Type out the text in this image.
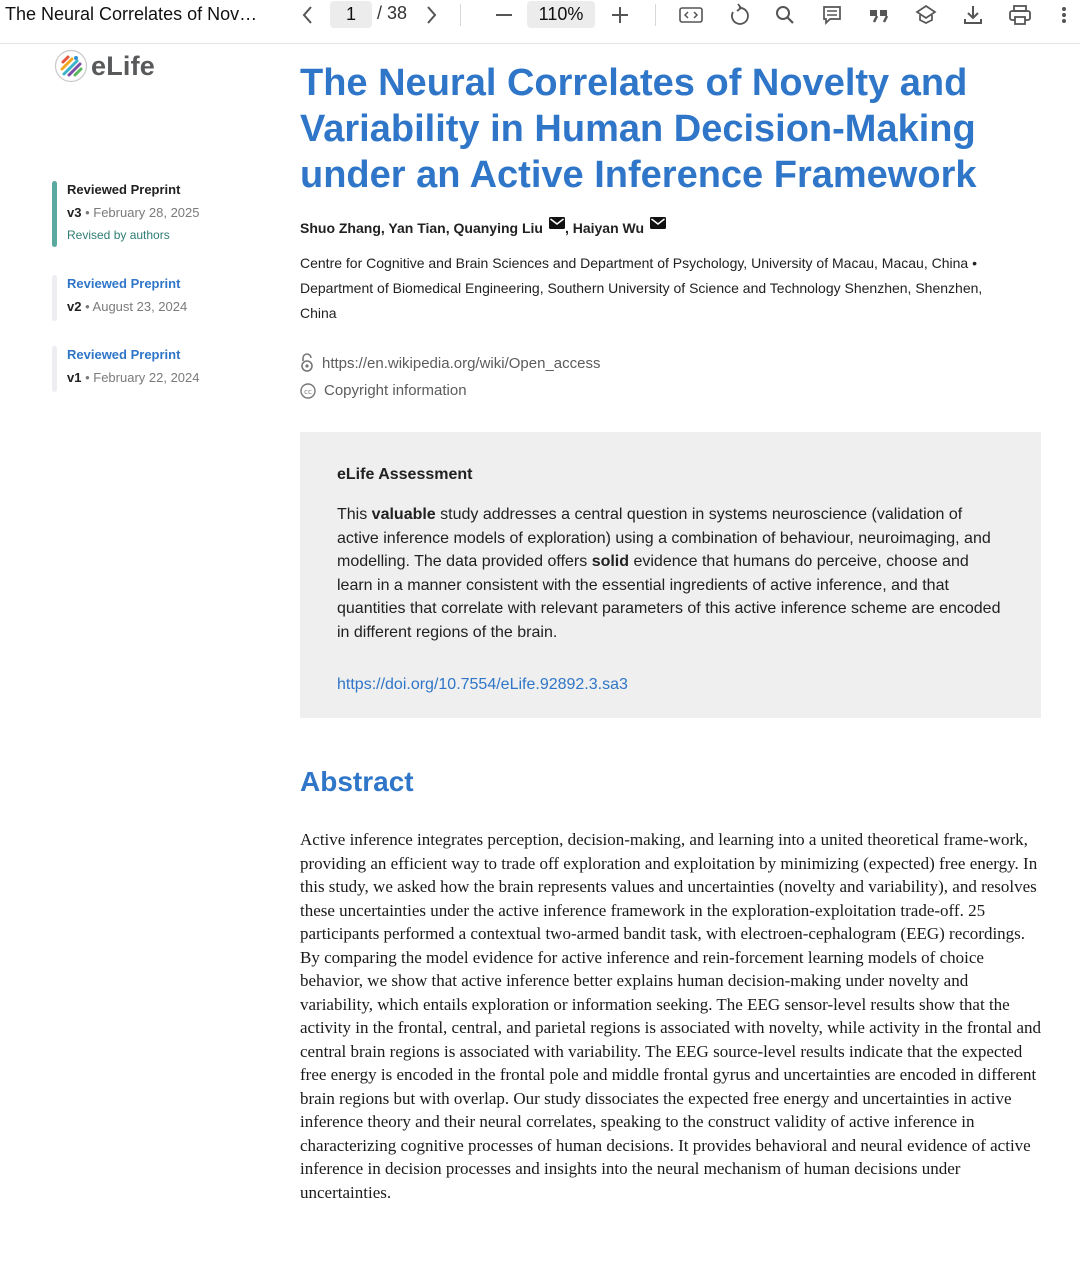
The Neural Correlates of Nov…	1	/ 38	110%
eLife
Reviewed Preprint
v3 • February 28, 2025
Revised by authors
Reviewed Preprint
v2 • August 23, 2024
Reviewed Preprint
v1 • February 22, 2024
The Neural Correlates of Novelty and Variability in Human Decision-Making under an Active Inference Framework
Shuo Zhang, Yan Tian, Quanying Liu , Haiyan Wu

Centre for Cognitive and Brain Sciences and Department of Psychology, University of Macau, Macau, China • Department of Biomedical Engineering, Southern University of Science and Technology Shenzhen, Shenzhen, China

https://en.wikipedia.org/wiki/Open_access
cc Copyright information
eLife Assessment

This valuable study addresses a central question in systems neuroscience (validation of active inference models of exploration) using a combination of behaviour, neuroimaging, and modelling. The data provided offers solid evidence that humans do perceive, choose and learn in a manner consistent with the essential ingredients of active inference, and that quantities that correlate with relevant parameters of this active inference scheme are encoded in different regions of the brain.

https://doi.org/10.7554/eLife.92892.3.sa3
Abstract

Active inference integrates perception, decision-making, and learning into a united theoretical frame-work, providing an efficient way to trade off exploration and exploitation by minimizing (expected) free energy. In this study, we asked how the brain represents values and uncertainties (novelty and variability), and resolves these uncertainties under the active inference framework in the exploration-exploitation trade-off. 25 participants performed a contextual two-armed bandit task, with electroen-cephalogram (EEG) recordings. By comparing the model evidence for active inference and rein-forcement learning models of choice behavior, we show that active inference better explains human decision-making under novelty and variability, which entails exploration or information seeking. The EEG sensor-level results show that the activity in the frontal, central, and parietal regions is associated with novelty, while activity in the frontal and central brain regions is associated with variability. The EEG source-level results indicate that the expected free energy is encoded in the frontal pole and middle frontal gyrus and uncertainties are encoded in different brain regions but with overlap. Our study dissociates the expected free energy and uncertainties in active inference theory and their neural correlates, speaking to the construct validity of active inference in characterizing cognitive processes of human decisions. It provides behavioral and neural evidence of active inference in decision processes and insights into the neural mechanism of human decisions under uncertainties.
